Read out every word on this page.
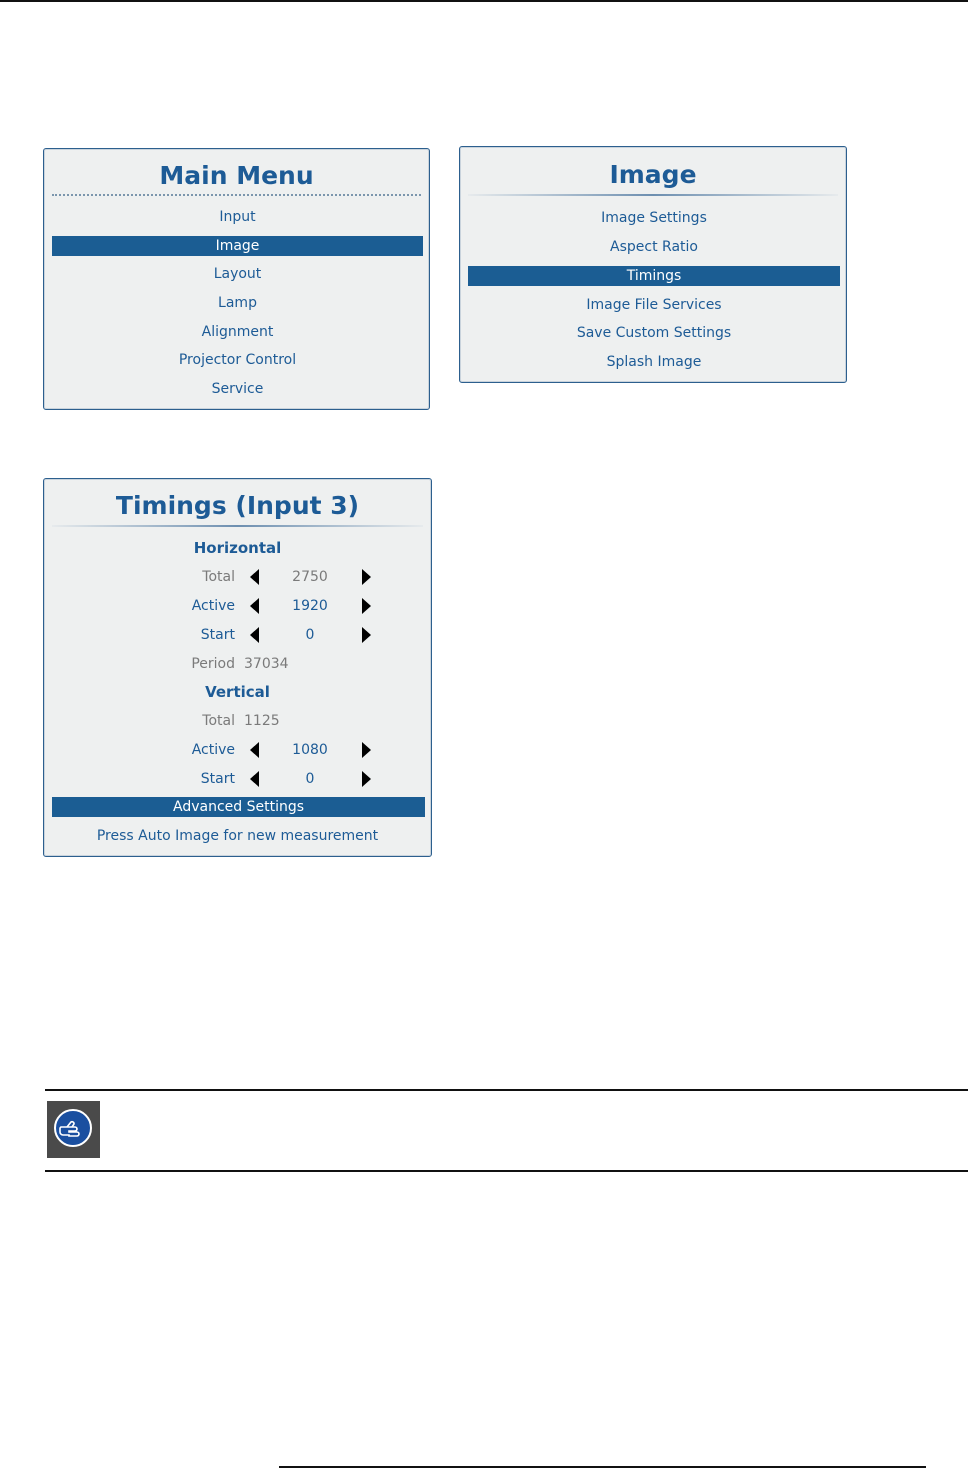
Main Menu
Input
Image
Layout
Lamp
Alignment
Projector Control
Service
Image
Image Settings
Aspect Ratio
Timings
Image File Services
Save Custom Settings
Splash Image
Timings (Input 3)
Horizontal
Total	2750
Active	1920
Start	0
Period 37034
Vertical
Total 1125
Active	1080
Start	0
Advanced Settings
Press Auto Image for new measurement
